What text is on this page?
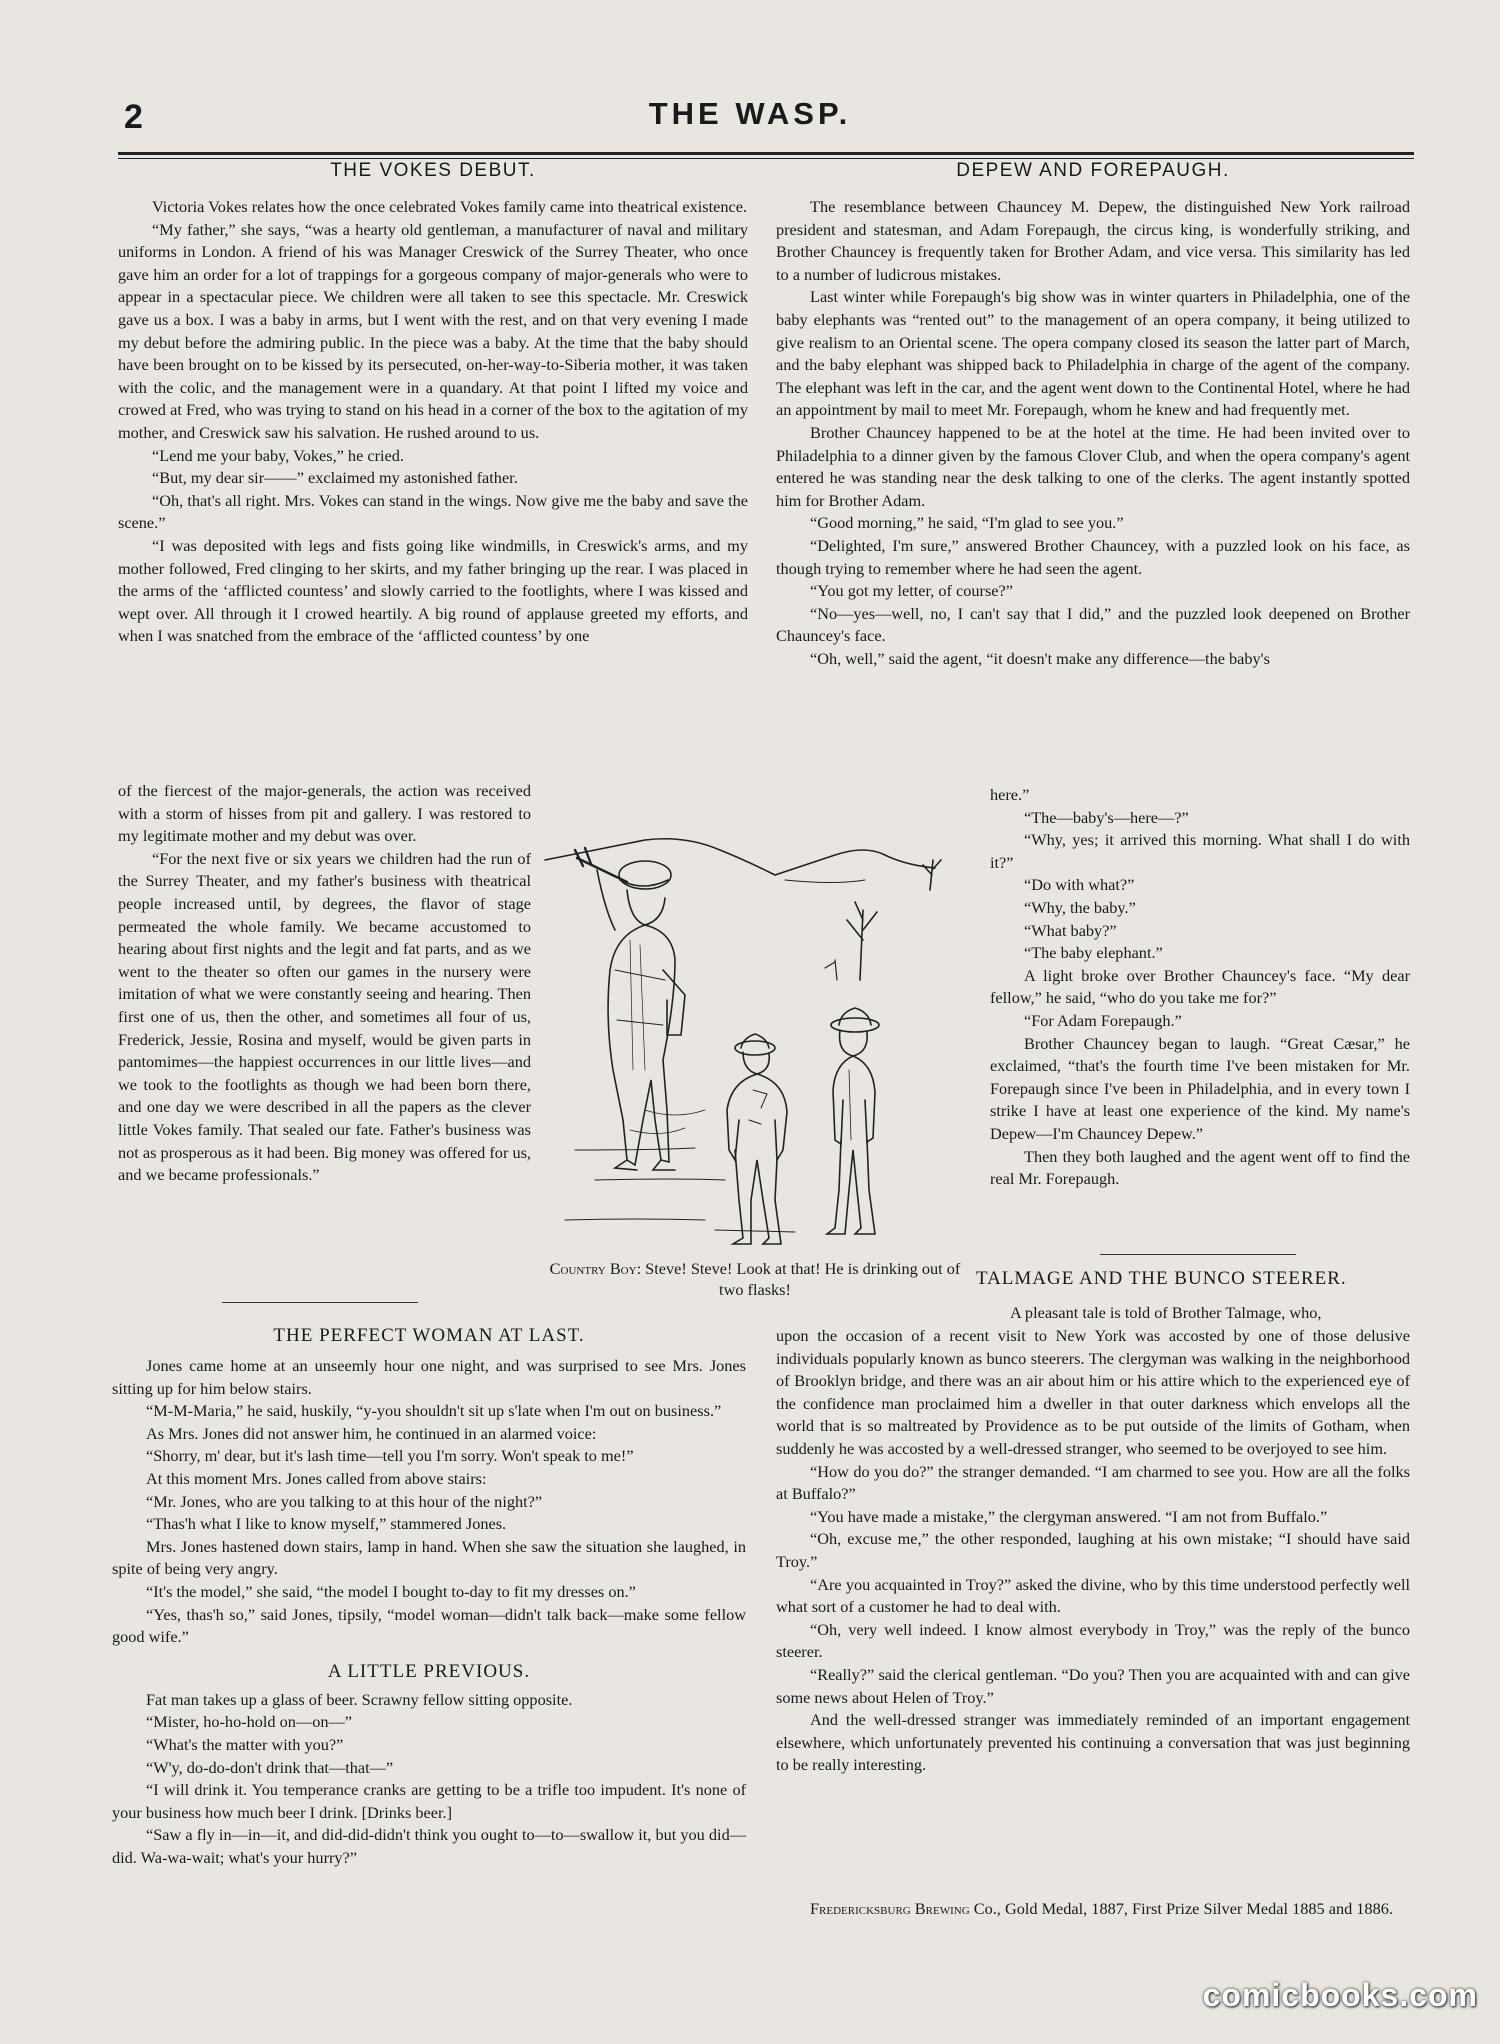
2	THE WASP.
THE VOKES DEBUT.

Victoria Vokes relates how the once celebrated Vokes family came into theatrical existence.

“My father,” she says, “was a hearty old gentleman, a manufacturer of naval and military uniforms in London. A friend of his was Manager Creswick of the Surrey Theater, who once gave him an order for a lot of trappings for a gorgeous company of major-generals who were to appear in a spectacular piece. We children were all taken to see this spectacle. Mr. Creswick gave us a box. I was a baby in arms, but I went with the rest, and on that very evening I made my debut before the admiring public. In the piece was a baby. At the time that the baby should have been brought on to be kissed by its persecuted, on-her-way-to-Siberia mother, it was taken with the colic, and the management were in a quandary. At that point I lifted my voice and crowed at Fred, who was trying to stand on his head in a corner of the box to the agitation of my mother, and Creswick saw his salvation. He rushed around to us.

“Lend me your baby, Vokes,” he cried.

“But, my dear sir——” exclaimed my astonished father.

“Oh, that's all right. Mrs. Vokes can stand in the wings. Now give me the baby and save the scene.”

“I was deposited with legs and fists going like windmills, in Creswick's arms, and my mother followed, Fred clinging to her skirts, and my father bringing up the rear. I was placed in the arms of the ‘afflicted countess’ and slowly carried to the footlights, where I was kissed and wept over. All through it I crowed heartily. A big round of applause greeted my efforts, and when I was snatched from the embrace of the ‘afflicted countess’ by one

of the fiercest of the major-generals, the action was received with a storm of hisses from pit and gallery. I was restored to my legitimate mother and my debut was over.

“For the next five or six years we children had the run of the Surrey Theater, and my father's business with theatrical people increased until, by degrees, the flavor of stage permeated the whole family. We became accustomed to hearing about first nights and the legit and fat parts, and as we went to the theater so often our games in the nursery were imitation of what we were constantly seeing and hearing. Then first one of us, then the other, and sometimes all four of us, Frederick, Jessie, Rosina and myself, would be given parts in pantomimes—the happiest occurrences in our little lives—and we took to the footlights as though we had been born there, and one day we were described in all the papers as the clever little Vokes family. That sealed our fate. Father's business was not as prosperous as it had been. Big money was offered for us, and we became professionals.”

DEPEW AND FOREPAUGH.

The resemblance between Chauncey M. Depew, the distinguished New York railroad president and statesman, and Adam Forepaugh, the circus king, is wonderfully striking, and Brother Chauncey is frequently taken for Brother Adam, and vice versa. This similarity has led to a number of ludicrous mistakes.

Last winter while Forepaugh's big show was in winter quarters in Philadelphia, one of the baby elephants was “rented out” to the management of an opera company, it being utilized to give realism to an Oriental scene. The opera company closed its season the latter part of March, and the baby elephant was shipped back to Philadelphia in charge of the agent of the company. The elephant was left in the car, and the agent went down to the Continental Hotel, where he had an appointment by mail to meet Mr. Forepaugh, whom he knew and had frequently met.

Brother Chauncey happened to be at the hotel at the time. He had been invited over to Philadelphia to a dinner given by the famous Clover Club, and when the opera company's agent entered he was standing near the desk talking to one of the clerks. The agent instantly spotted him for Brother Adam.

“Good morning,” he said, “I'm glad to see you.”

“Delighted, I'm sure,” answered Brother Chauncey, with a puzzled look on his face, as though trying to remember where he had seen the agent.

“You got my letter, of course?”

“No—yes—well, no, I can't say that I did,” and the puzzled look deepened on Brother Chauncey's face.

“Oh, well,” said the agent, “it doesn't make any difference—the baby's

here.”

“The—baby's—here—?”

“Why, yes; it arrived this morning. What shall I do with it?”

“Do with what?”

“Why, the baby.”

“What baby?”

“The baby elephant.”

A light broke over Brother Chauncey's face. “My dear fellow,” he said, “who do you take me for?”

“For Adam Forepaugh.”

Brother Chauncey began to laugh. “Great Cæsar,” he exclaimed, “that's the fourth time I've been mistaken for Mr. Forepaugh since I've been in Philadelphia, and in every town I strike I have at least one experience of the kind. My name's Depew—I'm Chauncey Depew.”

Then they both laughed and the agent went off to find the real Mr. Forepaugh.

Country Boy: Steve! Steve! Look at that! He is drinking out of two flasks!
TALMAGE AND THE BUNCO STEERER.

A pleasant tale is told of Brother Talmage, who,

upon the occasion of a recent visit to New York was accosted by one of those delusive individuals popularly known as bunco steerers. The clergyman was walking in the neighborhood of Brooklyn bridge, and there was an air about him or his attire which to the experienced eye of the confidence man proclaimed him a dweller in that outer darkness which envelops all the world that is so maltreated by Providence as to be put outside of the limits of Gotham, when suddenly he was accosted by a well-dressed stranger, who seemed to be overjoyed to see him.

“How do you do?” the stranger demanded. “I am charmed to see you. How are all the folks at Buffalo?”

“You have made a mistake,” the clergyman answered. “I am not from Buffalo.”

“Oh, excuse me,” the other responded, laughing at his own mistake; “I should have said Troy.”

“Are you acquainted in Troy?” asked the divine, who by this time understood perfectly well what sort of a customer he had to deal with.

“Oh, very well indeed. I know almost everybody in Troy,” was the reply of the bunco steerer.

“Really?” said the clerical gentleman. “Do you? Then you are acquainted with and can give some news about Helen of Troy.”

And the well-dressed stranger was immediately reminded of an important engagement elsewhere, which unfortunately prevented his continuing a conversation that was just beginning to be really interesting.

THE PERFECT WOMAN AT LAST.

Jones came home at an unseemly hour one night, and was surprised to see Mrs. Jones sitting up for him below stairs.

“M-M-Maria,” he said, huskily, “y-you shouldn't sit up s'late when I'm out on business.”

As Mrs. Jones did not answer him, he continued in an alarmed voice:

“Shorry, m' dear, but it's lash time—tell you I'm sorry. Won't speak to me!”

At this moment Mrs. Jones called from above stairs:

“Mr. Jones, who are you talking to at this hour of the night?”

“Thas'h what I like to know myself,” stammered Jones.

Mrs. Jones hastened down stairs, lamp in hand. When she saw the situation she laughed, in spite of being very angry.

“It's the model,” she said, “the model I bought to-day to fit my dresses on.”

“Yes, thas'h so,” said Jones, tipsily, “model woman—didn't talk back—make some fellow good wife.”

A LITTLE PREVIOUS.

Fat man takes up a glass of beer. Scrawny fellow sitting opposite.

“Mister, ho-ho-hold on—on—”

“What's the matter with you?”

“W'y, do-do-don't drink that—that—”

“I will drink it. You temperance cranks are getting to be a trifle too impudent. It's none of your business how much beer I drink. [Drinks beer.]

“Saw a fly in—in—it, and did-did-didn't think you ought to—to—swallow it, but you did—did. Wa-wa-wait; what's your hurry?”

Fredericksburg Brewing Co., Gold Medal, 1887, First Prize Silver Medal 1885 and 1886.
comicbooks.com
